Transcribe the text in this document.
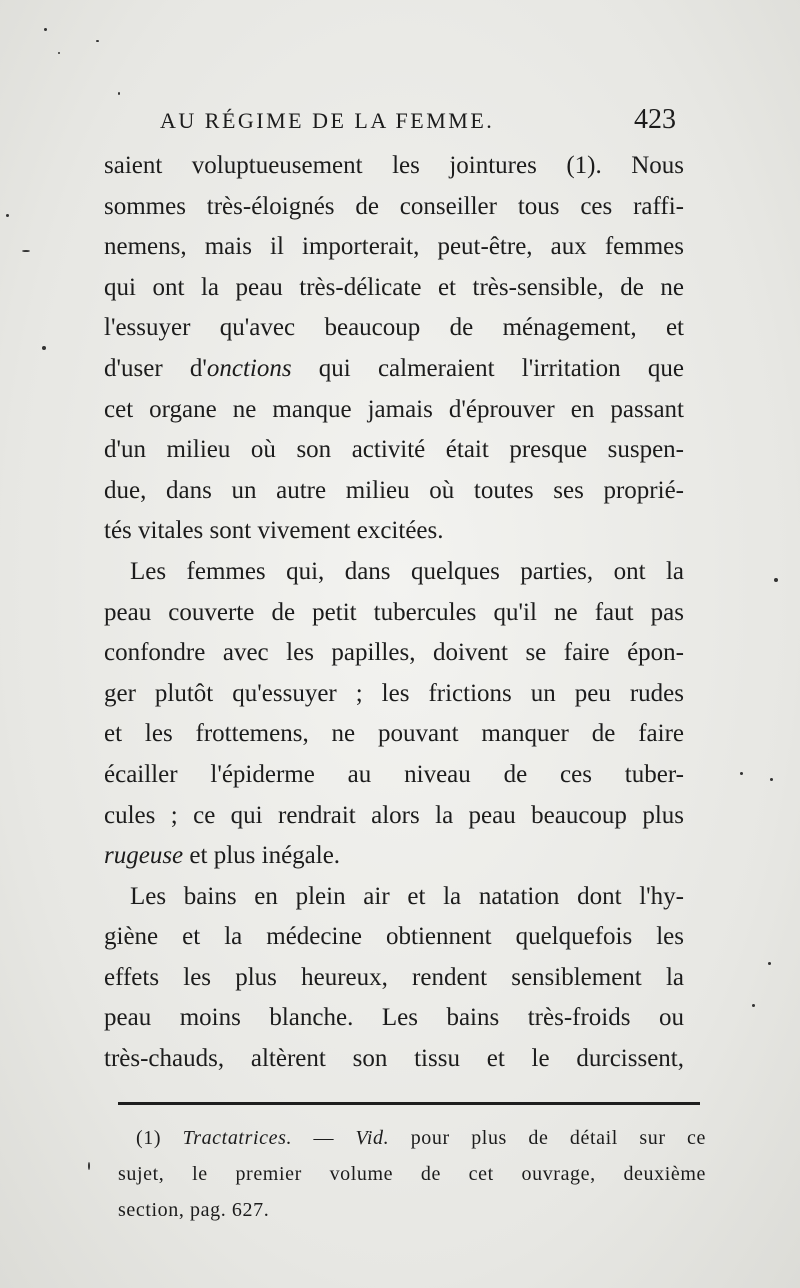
AU RÉGIME DE LA FEMME.	423
saient voluptueusement les jointures (1). Nous
sommes très-éloignés de conseiller tous ces raffi-
nemens, mais il importerait, peut-être, aux femmes
qui ont la peau très-délicate et très-sensible, de ne
l'essuyer qu'avec beaucoup de ménagement, et
d'user d'onctions qui calmeraient l'irritation que
cet organe ne manque jamais d'éprouver en passant
d'un milieu où son activité était presque suspen-
due, dans un autre milieu où toutes ses proprié-
tés vitales sont vivement excitées.
Les femmes qui, dans quelques parties, ont la
peau couverte de petit tubercules qu'il ne faut pas
confondre avec les papilles, doivent se faire épon-
ger plutôt qu'essuyer ; les frictions un peu rudes
et les frottemens, ne pouvant manquer de faire
écailler l'épiderme au niveau de ces tuber-
cules ; ce qui rendrait alors la peau beaucoup plus
rugeuse et plus inégale.
Les bains en plein air et la natation dont l'hy-
giène et la médecine obtiennent quelquefois les
effets les plus heureux, rendent sensiblement la
peau moins blanche. Les bains très-froids ou
très-chauds, altèrent son tissu et le durcissent,
(1) Tractatrices. — Vid. pour plus de détail sur ce
sujet, le premier volume de cet ouvrage, deuxième
section, pag. 627.
